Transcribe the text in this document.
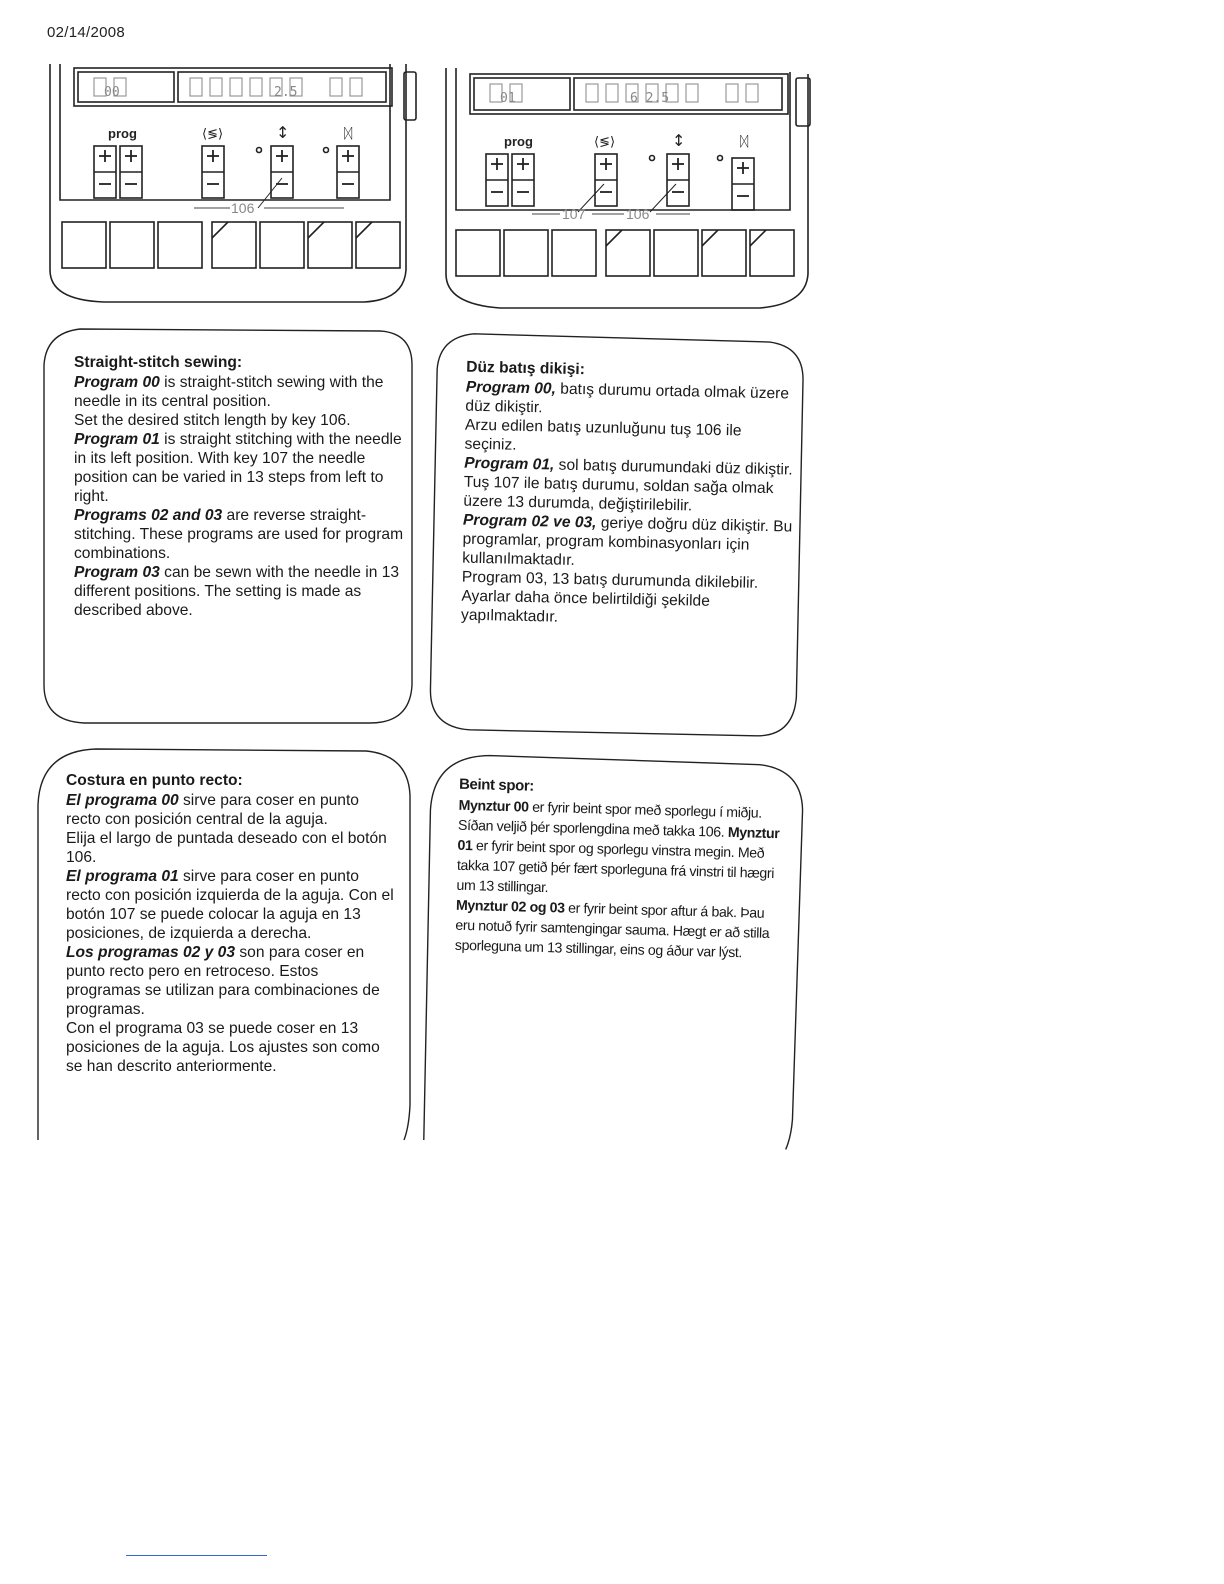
02/14/2008
prog	⟨≶⟩	↕	ᛞ
00	2.5
106
prog	⟨≶⟩	↕	ᛞ
01	6 2.5
107	106
Straight-stitch sewing:
Program 00 is straight-stitch sewing with the needle in its central position.
Set the desired stitch length by key 106.
Program 01 is straight stitching with the needle in its left position. With key 107 the needle position can be varied in 13 steps from left to right.
Programs 02 and 03 are reverse straight-stitching. These programs are used for program combinations.
Program 03 can be sewn with the needle in 13 different positions. The setting is made as described above.
Düz batış dikişi:
Program 00, batış durumu ortada olmak üzere düz dikiştir.
Arzu edilen batış uzunluğunu tuş 106 ile seçiniz.
Program 01, sol batış durumundaki düz dikiştir. Tuş 107 ile batış durumu, soldan sağa olmak üzere 13 durumda, değiştirilebilir.
Program 02 ve 03, geriye doğru düz dikiştir. Bu programlar, program kombinasyonları için kullanılmaktadır.
Program 03, 13 batış durumunda dikilebilir. Ayarlar daha önce belirtildiği şekilde yapılmaktadır.
Costura en punto recto:
El programa 00 sirve para coser en punto recto con posición central de la aguja.
Elija el largo de puntada deseado con el botón 106.
El programa 01 sirve para coser en punto recto con posición izquierda de la aguja. Con el botón 107 se puede colocar la aguja en 13 posiciones, de izquierda a derecha.
Los programas 02 y 03 son para coser en punto recto pero en retroceso. Estos programas se utilizan para combinaciones de programas.
Con el programa 03 se puede coser en 13 posiciones de la aguja. Los ajustes son como se han descrito anteriormente.
Beint spor:
Mynztur 00 er fyrir beint spor með sporlegu í miðju. Síðan veljið þér sporlengdina með takka 106. Mynztur 01 er fyrir beint spor og sporlegu vinstra megin. Með takka 107 getið þér fært sporleguna frá vinstri til hægri um 13 stillingar.
Mynztur 02 og 03 er fyrir beint spor aftur á bak. Þau eru notuð fyrir samtengingar sauma. Hægt er að stilla sporleguna um 13 stillingar, eins og áður var lýst.
